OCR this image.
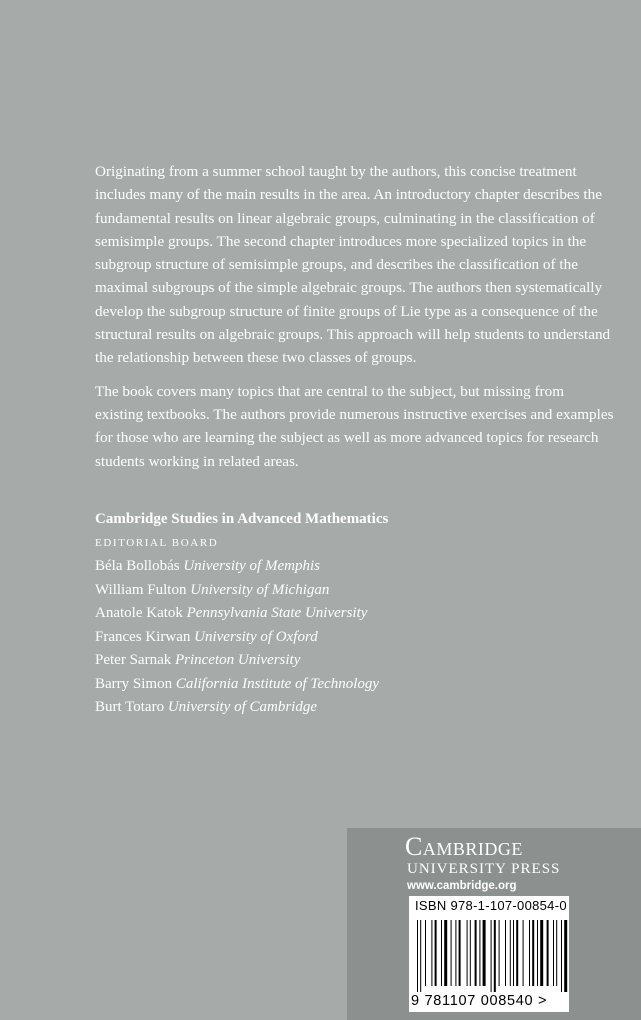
Originating from a summer school taught by the authors, this concise treatment includes many of the main results in the area. An introductory chapter describes the fundamental results on linear algebraic groups, culminating in the classification of semisimple groups. The second chapter introduces more specialized topics in the subgroup structure of semisimple groups, and describes the classification of the maximal subgroups of the simple algebraic groups. The authors then systematically develop the subgroup structure of finite groups of Lie type as a consequence of the structural results on algebraic groups. This approach will help students to understand the relationship between these two classes of groups.

The book covers many topics that are central to the subject, but missing from existing textbooks. The authors provide numerous instructive exercises and examples for those who are learning the subject as well as more advanced topics for research students working in related areas.

Cambridge Studies in Advanced Mathematics
EDITORIAL BOARD
Béla Bollobás University of Memphis
William Fulton University of Michigan
Anatole Katok Pennsylvania State University
Frances Kirwan University of Oxford
Peter Sarnak Princeton University
Barry Simon California Institute of Technology
Burt Totaro University of Cambridge
Cambridge
UNIVERSITY PRESS
www.cambridge.org
ISBN 978-1-107-00854-0
9 781107 008540 >
